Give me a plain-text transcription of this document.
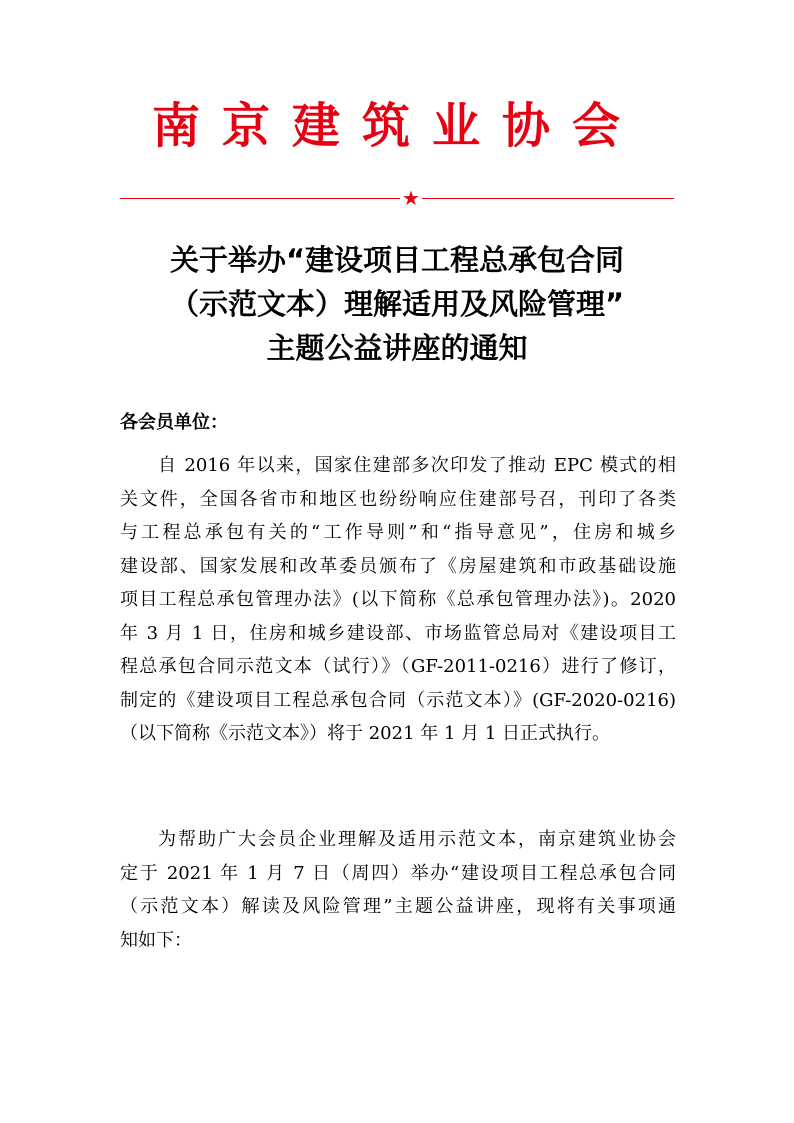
南京建筑业协会
★
关于举办“建设项目工程总承包合同
（示范文本）理解适用及风险管理”
主题公益讲座的通知
各会员单位：
自 2016 年以来，国家住建部多次印发了推动 EPC 模式的相
关文件，全国各省市和地区也纷纷响应住建部号召，刊印了各类
与工程总承包有关的“工作导则”和“指导意见”，住房和城乡
建设部、国家发展和改革委员颁布了《房屋建筑和市政基础设施
项目工程总承包管理办法》(以下简称《总承包管理办法》)。2020
年 3 月 1 日，住房和城乡建设部、市场监管总局对《建设项目工
程总承包合同示范文本（试行）》（GF-2011-0216）进行了修订，
制定的《建设项目工程总承包合同（示范文本）》(GF-2020-0216)
（以下简称《示范文本》）将于 2021 年 1 月 1 日正式执行。
为帮助广大会员企业理解及适用示范文本，南京建筑业协会
定于 2021 年 1 月 7 日（周四）举办“建设项目工程总承包合同
（示范文本）解读及风险管理”主题公益讲座，现将有关事项通
知如下：
